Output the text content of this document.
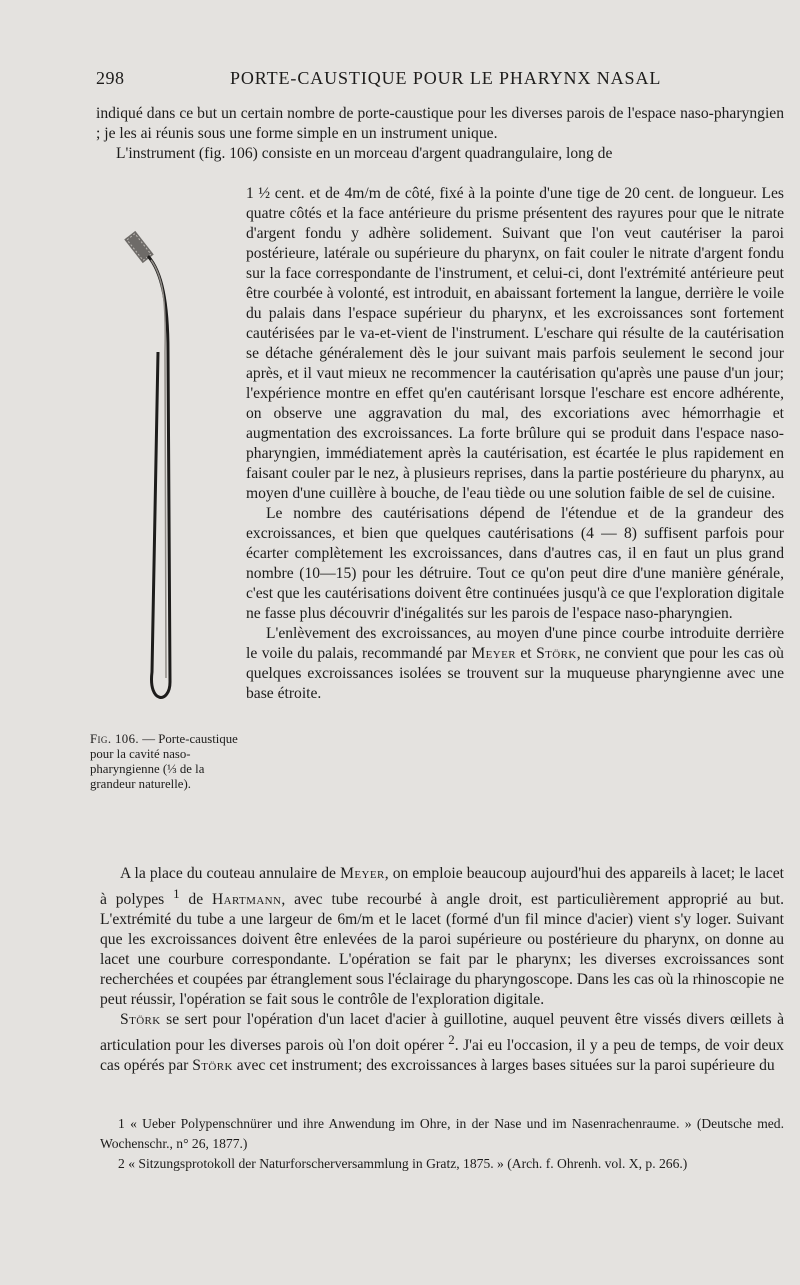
298	PORTE-CAUSTIQUE POUR LE PHARYNX NASAL

indiqué dans ce but un certain nombre de porte-caustique pour les diverses parois de l'espace naso-pharyngien ; je les ai réunis sous une forme simple en un instrument unique.

L'instrument (fig. 106) consiste en un morceau d'argent quadrangulaire, long de

Fig. 106. — Porte-caustique pour la cavité naso-pharyngienne (⅓ de la grandeur naturelle).

1 ½ cent. et de 4m/m de côté, fixé à la pointe d'une tige de 20 cent. de longueur. Les quatre côtés et la face antérieure du prisme présentent des rayures pour que le nitrate d'argent fondu y adhère solidement. Suivant que l'on veut cautériser la paroi postérieure, latérale ou supérieure du pharynx, on fait couler le nitrate d'argent fondu sur la face correspondante de l'instrument, et celui-ci, dont l'extrémité antérieure peut être courbée à volonté, est introduit, en abaissant fortement la langue, derrière le voile du palais dans l'espace supérieur du pharynx, et les excroissances sont fortement cautérisées par le va-et-vient de l'instrument. L'eschare qui résulte de la cautérisation se détache généralement dès le jour suivant mais parfois seulement le second jour après, et il vaut mieux ne recommencer la cautérisation qu'après une pause d'un jour; l'expérience montre en effet qu'en cautérisant lorsque l'eschare est encore adhérente, on observe une aggravation du mal, des excoriations avec hémorrhagie et augmentation des excroissances. La forte brûlure qui se produit dans l'espace naso-pharyngien, immédiatement après la cautérisation, est écartée le plus rapidement en faisant couler par le nez, à plusieurs reprises, dans la partie postérieure du pharynx, au moyen d'une cuillère à bouche, de l'eau tiède ou une solution faible de sel de cuisine.

Le nombre des cautérisations dépend de l'étendue et de la grandeur des excroissances, et bien que quelques cautérisations (4 — 8) suffisent parfois pour écarter complètement les excroissances, dans d'autres cas, il en faut un plus grand nombre (10—15) pour les détruire. Tout ce qu'on peut dire d'une manière générale, c'est que les cautérisations doivent être continuées jusqu'à ce que l'exploration digitale ne fasse plus découvrir d'inégalités sur les parois de l'espace naso-pharyngien.

L'enlèvement des excroissances, au moyen d'une pince courbe introduite derrière le voile du palais, recommandé par Meyer et Störk, ne convient que pour les cas où quelques excroissances isolées se trouvent sur la muqueuse pharyngienne avec une base étroite.

A la place du couteau annulaire de Meyer, on emploie beaucoup aujourd'hui des appareils à lacet; le lacet à polypes $^1$ de Hartmann, avec tube recourbé à angle droit, est particulièrement approprié au but. L'extrémité du tube a une largeur de 6m/m et le lacet (formé d'un fil mince d'acier) vient s'y loger. Suivant que les excroissances doivent être enlevées de la paroi supérieure ou postérieure du pharynx, on donne au lacet une courbure correspondante. L'opération se fait par le pharynx; les diverses excroissances sont recherchées et coupées par étranglement sous l'éclairage du pharyngoscope. Dans les cas où la rhinoscopie ne peut réussir, l'opération se fait sous le contrôle de l'exploration digitale.

Störk se sert pour l'opération d'un lacet d'acier à guillotine, auquel peuvent être vissés divers œillets à articulation pour les diverses parois où l'on doit opérer $^2$. J'ai eu l'occasion, il y a peu de temps, de voir deux cas opérés par Störk avec cet instrument; des excroissances à larges bases situées sur la paroi supérieure du

1 « Ueber Polypenschnürer und ihre Anwendung im Ohre, in der Nase und im Nasenrachenraume. » (Deutsche med. Wochenschr., n° 26, 1877.)

2 « Sitzungsprotokoll der Naturforscherversammlung in Gratz, 1875. » (Arch. f. Ohrenh. vol. X, p. 266.)
